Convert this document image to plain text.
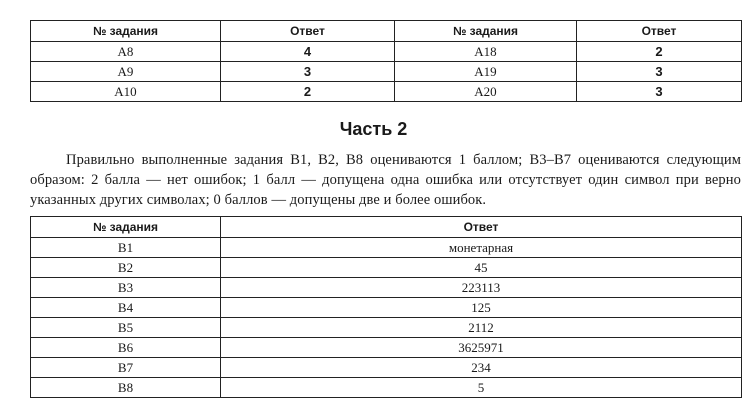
№ задания	Ответ	№ задания	Ответ
A8	4	A18	2
A9	3	A19	3
A10	2	A20	3
Часть 2

Правильно выполненные задания В1, В2, В8 оцениваются 1 баллом; В3–В7 оцениваются следующим образом: 2 балла — нет ошибок; 1 балл — допущена одна ошибка или отсутствует один символ при верно указанных других символах; 0 баллов — допущены две и более ошибок.

№ задания	Ответ
В1	монетарная
В2	45
В3	223113
В4	125
В5	2112
В6	3625971
В7	234
В8	5
